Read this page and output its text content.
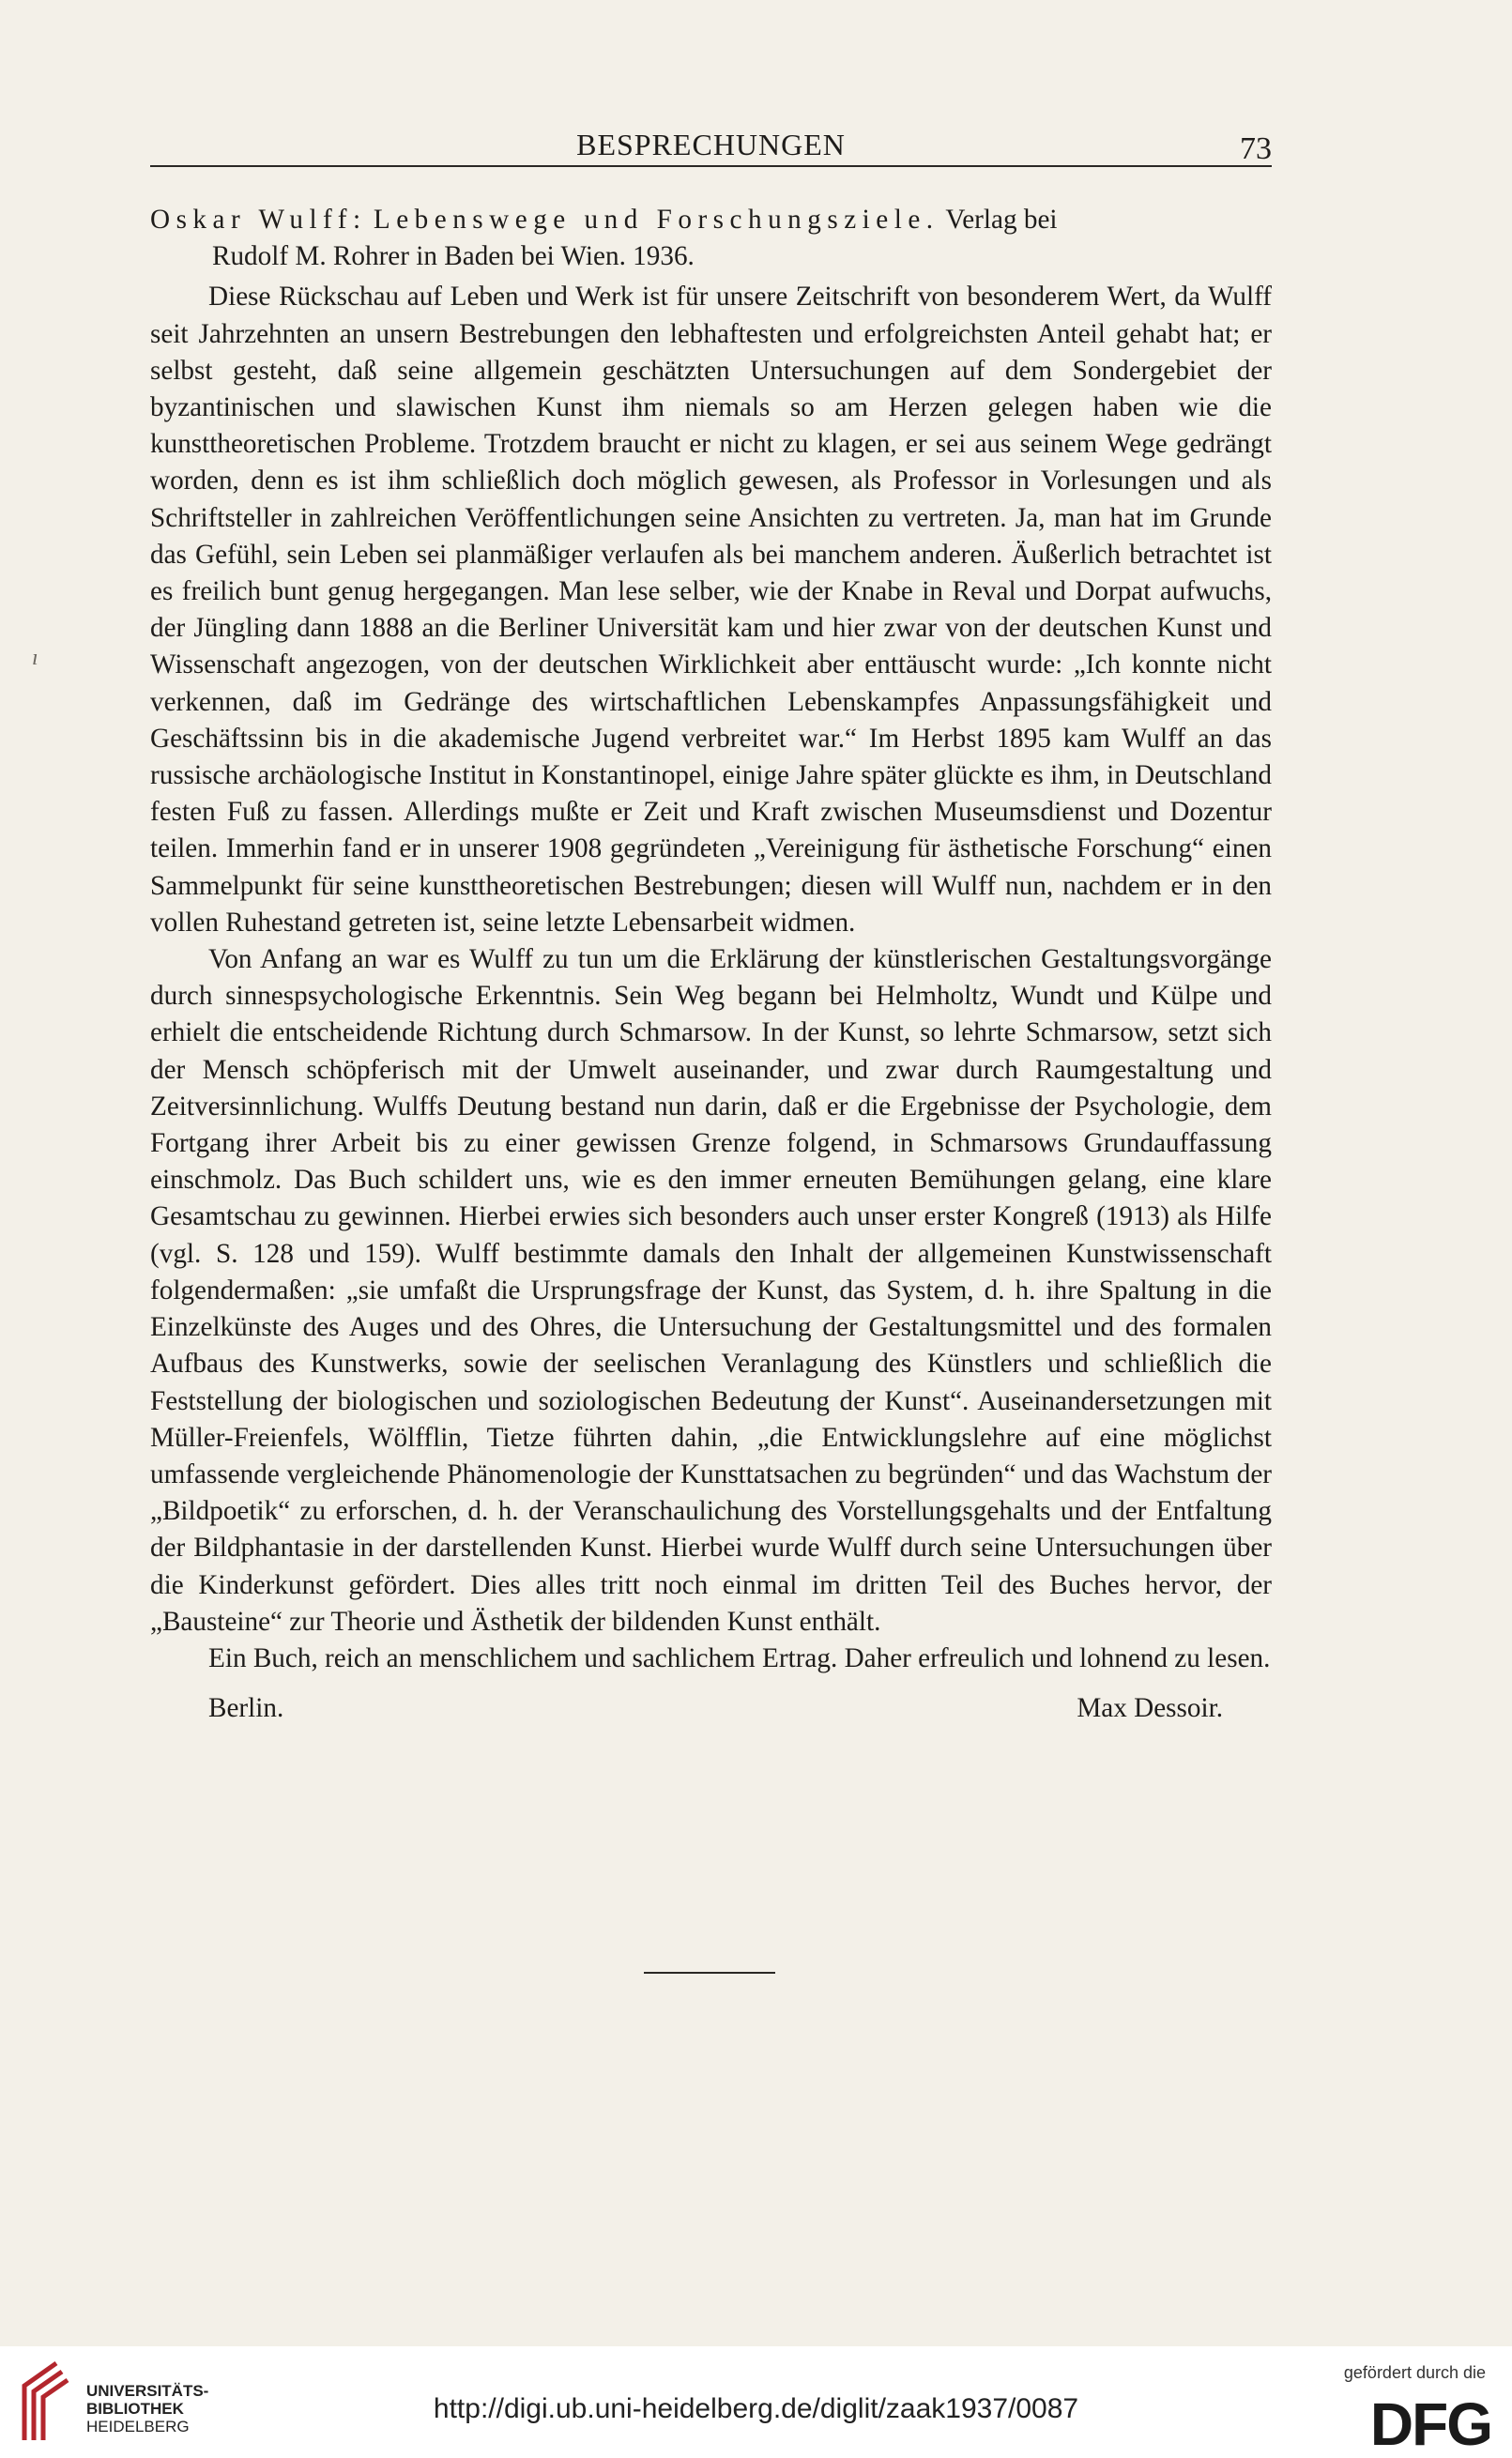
BESPRECHUNGEN	73
ı

Oskar Wulff: Lebenswege und Forschungsziele. Verlag bei
Rudolf M. Rohrer in Baden bei Wien. 1936.

Diese Rückschau auf Leben und Werk ist für unsere Zeitschrift von besonderem Wert, da Wulff seit Jahrzehnten an unsern Bestrebungen den lebhaftesten und erfolgreichsten Anteil gehabt hat; er selbst gesteht, daß seine allgemein geschätzten Untersuchungen auf dem Sondergebiet der byzantinischen und slawischen Kunst ihm niemals so am Herzen gelegen haben wie die kunsttheoretischen Probleme. Trotzdem braucht er nicht zu klagen, er sei aus seinem Wege gedrängt worden, denn es ist ihm schließlich doch möglich gewesen, als Professor in Vorlesungen und als Schriftsteller in zahlreichen Veröffentlichungen seine Ansichten zu vertreten. Ja, man hat im Grunde das Gefühl, sein Leben sei planmäßiger verlaufen als bei manchem anderen. Äußerlich betrachtet ist es freilich bunt genug hergegangen. Man lese selber, wie der Knabe in Reval und Dorpat aufwuchs, der Jüngling dann 1888 an die Berliner Universität kam und hier zwar von der deutschen Kunst und Wissenschaft angezogen, von der deutschen Wirklichkeit aber enttäuscht wurde: „Ich konnte nicht verkennen, daß im Gedränge des wirtschaftlichen Lebenskampfes Anpassungsfähigkeit und Geschäftssinn bis in die akademische Jugend verbreitet war.“ Im Herbst 1895 kam Wulff an das russische archäologische Institut in Konstantinopel, einige Jahre später glückte es ihm, in Deutschland festen Fuß zu fassen. Allerdings mußte er Zeit und Kraft zwischen Museumsdienst und Dozentur teilen. Immerhin fand er in unserer 1908 gegründeten „Vereinigung für ästhetische Forschung“ einen Sammelpunkt für seine kunsttheoretischen Bestrebungen; diesen will Wulff nun, nachdem er in den vollen Ruhestand getreten ist, seine letzte Lebensarbeit widmen.

Von Anfang an war es Wulff zu tun um die Erklärung der künstlerischen Gestaltungsvorgänge durch sinnespsychologische Erkenntnis. Sein Weg begann bei Helmholtz, Wundt und Külpe und erhielt die entscheidende Richtung durch Schmarsow. In der Kunst, so lehrte Schmarsow, setzt sich der Mensch schöpferisch mit der Umwelt auseinander, und zwar durch Raumgestaltung und Zeitversinnlichung. Wulffs Deutung bestand nun darin, daß er die Ergebnisse der Psychologie, dem Fortgang ihrer Arbeit bis zu einer gewissen Grenze folgend, in Schmarsows Grundauffassung einschmolz. Das Buch schildert uns, wie es den immer erneuten Bemühungen gelang, eine klare Gesamtschau zu gewinnen. Hierbei erwies sich besonders auch unser erster Kongreß (1913) als Hilfe (vgl. S. 128 und 159). Wulff bestimmte damals den Inhalt der allgemeinen Kunstwissenschaft folgendermaßen: „sie umfaßt die Ursprungsfrage der Kunst, das System, d. h. ihre Spaltung in die Einzelkünste des Auges und des Ohres, die Untersuchung der Gestaltungsmittel und des formalen Aufbaus des Kunstwerks, sowie der seelischen Veranlagung des Künstlers und schließlich die Feststellung der biologischen und soziologischen Bedeutung der Kunst“. Auseinandersetzungen mit Müller-Freienfels, Wölfflin, Tietze führten dahin, „die Entwicklungslehre auf eine möglichst umfassende vergleichende Phänomenologie der Kunsttatsachen zu begründen“ und das Wachstum der „Bildpoetik“ zu erforschen, d. h. der Veranschaulichung des Vorstellungsgehalts und der Entfaltung der Bildphantasie in der darstellenden Kunst. Hierbei wurde Wulff durch seine Untersuchungen über die Kinderkunst gefördert. Dies alles tritt noch einmal im dritten Teil des Buches hervor, der „Bausteine“ zur Theorie und Ästhetik der bildenden Kunst enthält.

Ein Buch, reich an menschlichem und sachlichem Ertrag. Daher erfreulich und lohnend zu lesen.

Berlin.	Max Dessoir.
UNIVERSITÄTS-
BIBLIOTHEK
HEIDELBERG
http://digi.ub.uni-heidelberg.de/diglit/zaak1937/0087
gefördert durch die
DFG
